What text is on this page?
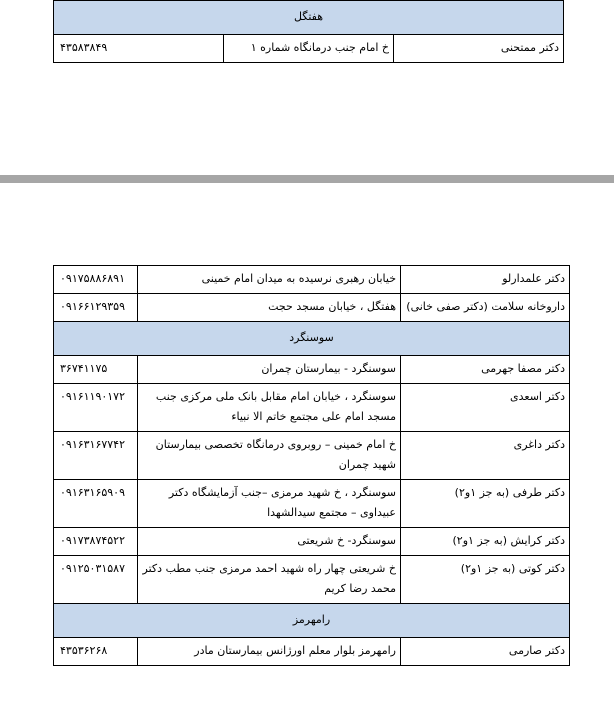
هفتگل
دکتر ممتحنی	خ امام جنب درمانگاه شماره ۱	۴۳۵۸۳۸۴۹
دکتر علمدارلو	خیابان رهبری نرسیده به میدان امام خمینی	۰۹۱۷۵۸۸۶۸۹۱
داروخانه سلامت (دکتر صفی خانی)	هفتگل ، خیابان مسجد حجت	۰۹۱۶۶۱۲۹۳۵۹
سوسنگرد		
دکتر مصفا جهرمی	سوسنگرد - بیمارستان چمران	۳۶۷۴۱۱۷۵
دکتر اسعدی	سوسنگرد ، خیابان امام مقابل بانک ملی مرکزی جنب مسجد امام علی مجتمع خاتم الا نبیاء	۰۹۱۶۱۱۹۰۱۷۲
دکتر داغری	خ امام خمینی – روبروی درمانگاه تخصصی بیمارستان شهید چمران	۰۹۱۶۳۱۶۷۷۴۲
دکتر طرفی (به جز ۱و۲)	سوسنگرد ، خ شهید مرمزی –جنب آزمایشگاه دکتر عبیداوی – مجتمع سیدالشهدا	۰۹۱۶۳۱۶۵۹۰۹
دکتر کرایش (به جز ۱و۲)	سوسنگرد- خ شریعتی	۰۹۱۷۳۸۷۴۵۲۲
دکتر کوتی (به جز ۱و۲)	خ شریعتی چهار راه شهید احمد مرمزی جنب مطب دکتر محمد رضا کریم	۰۹۱۲۵۰۳۱۵۸۷
رامهرمز		
دکتر صارمی	رامهرمز بلوار معلم اورژانس بیمارستان مادر	۴۳۵۳۶۲۶۸
